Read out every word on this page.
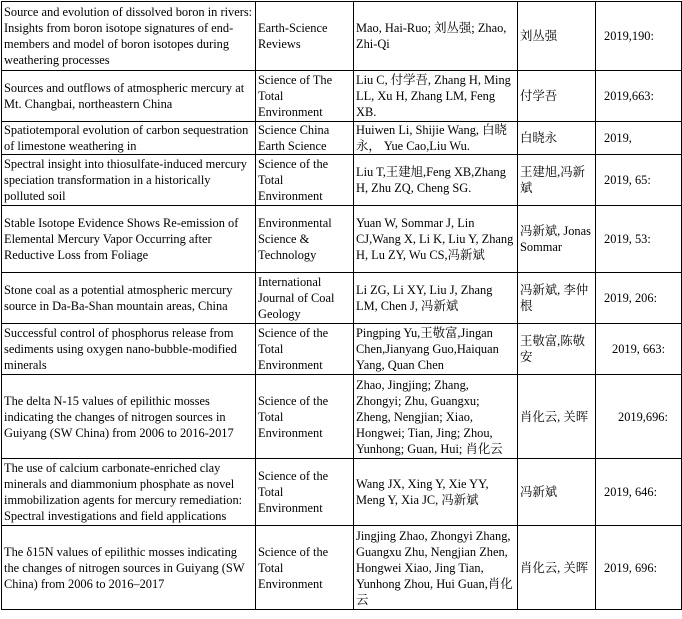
Source and evolution of dissolved boron in rivers: Insights from boron isotope signatures of end-members and model of boron isotopes during weathering processes	Earth-Science Reviews	Mao, Hai-Ruo; 刘丛强; Zhao, Zhi-Qi	刘丛强	2019,190:
Sources and outflows of atmospheric mercury at Mt. Changbai, northeastern China	Science of The Total Environment	Liu C, 付学吾, Zhang H, Ming LL, Xu H, Zhang LM, Feng XB.	付学吾	2019,663:
Spatiotemporal evolution of carbon sequestration of limestone weathering in	Science China Earth Science	Huiwen Li, Shijie Wang, 白晓永， Yue Cao,Liu Wu.	白晓永	2019,
Spectral insight into thiosulfate-induced mercury speciation transformation in a historically polluted soil	Science of the Total Environment	Liu T,王建旭,Feng XB,Zhang H, Zhu ZQ, Cheng SG.	王建旭,冯新斌	2019, 65:
Stable Isotope Evidence Shows Re-emission of Elemental Mercury Vapor Occurring after Reductive Loss from Foliage	Environmental Science & Technology	Yuan W, Sommar J, Lin CJ,Wang X, Li K, Liu Y, Zhang H, Lu ZY, Wu CS,冯新斌	冯新斌, Jonas Sommar	2019, 53:
Stone coal as a potential atmospheric mercury source in Da-Ba-Shan mountain areas, China	International Journal of Coal Geology	Li ZG, Li XY, Liu J, Zhang LM, Chen J, 冯新斌	冯新斌, 李仲根	2019, 206:
Successful control of phosphorus release from sediments using oxygen nano-bubble-modified minerals	Science of the Total Environment	Pingping Yu,王敬富,Jingan Chen,Jianyang Guo,Haiquan Yang, Quan Chen	王敬富,陈敬安	2019, 663:
The delta N-15 values of epilithic mosses indicating the changes of nitrogen sources in Guiyang (SW China) from 2006 to 2016-2017	Science of the Total Environment	Zhao, Jingjing; Zhang, Zhongyi; Zhu, Guangxu; Zheng, Nengjian; Xiao, Hongwei; Tian, Jing; Zhou, Yunhong; Guan, Hui; 肖化云	肖化云, 关晖	2019,696:
The use of calcium carbonate-enriched clay minerals and diammonium phosphate as novel immobilization agents for mercury remediation: Spectral investigations and field applications	Science of the Total Environment	Wang JX, Xing Y, Xie YY, Meng Y, Xia JC, 冯新斌	冯新斌	2019, 646:
The δ15N values of epilithic mosses indicating the changes of nitrogen sources in Guiyang (SW China) from 2006 to 2016–2017	Science of the Total Environment	Jingjing Zhao, Zhongyi Zhang, Guangxu Zhu, Nengjian Zhen, Hongwei Xiao, Jing Tian, Yunhong Zhou, Hui Guan,肖化云	肖化云, 关晖	2019, 696:
